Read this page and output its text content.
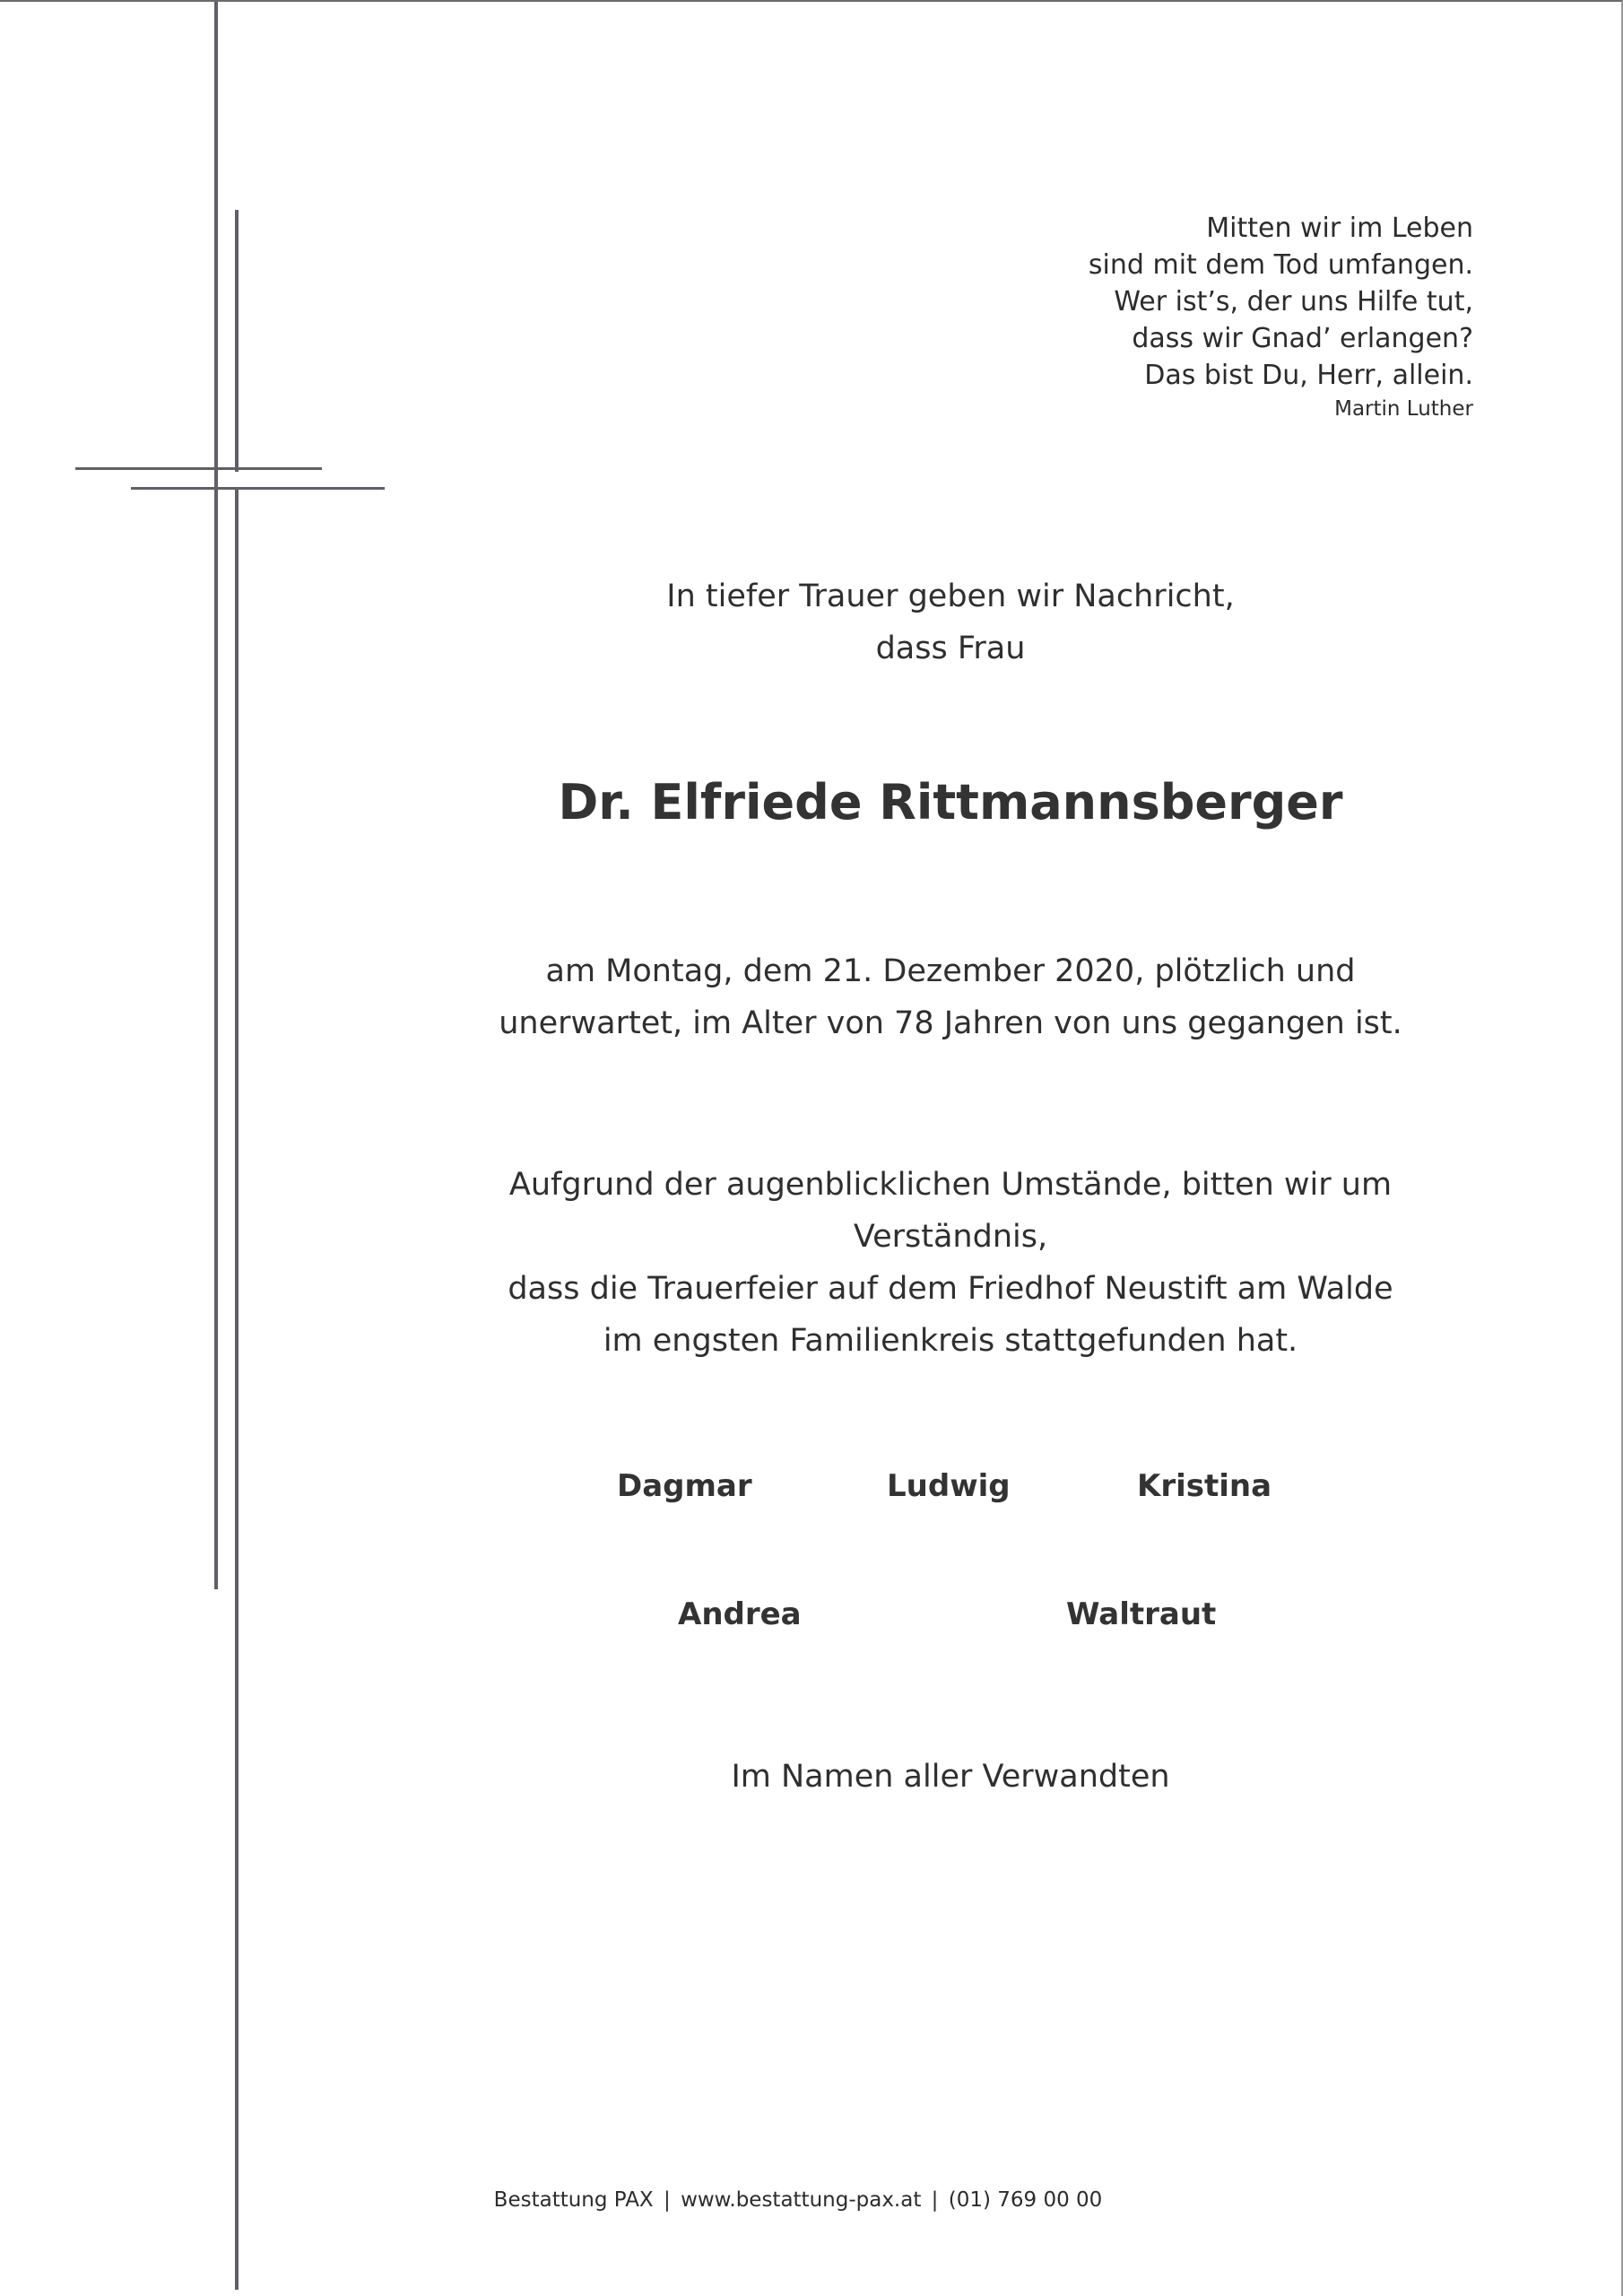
Mitten wir im Leben
sind mit dem Tod umfangen.
Wer ist’s, der uns Hilfe tut,
dass wir Gnad’ erlangen?
Das bist Du, Herr, allein.
Martin Luther
In tiefer Trauer geben wir Nachricht,
dass Frau
Dr. Elfriede Rittmannsberger
am Montag, dem 21. Dezember 2020, plötzlich und
unerwartet, im Alter von 78 Jahren von uns gegangen ist.
Aufgrund der augenblicklichen Umstände, bitten wir um Verständnis,
dass die Trauerfeier auf dem Friedhof Neustift am Walde
im engsten Familienkreis stattgefunden hat.
Dagmar	Ludwig	Kristina
Andrea	Waltraut
Im Namen aller Verwandten
Bestattung PAX | www.bestattung-pax.at | (01) 769 00 00
